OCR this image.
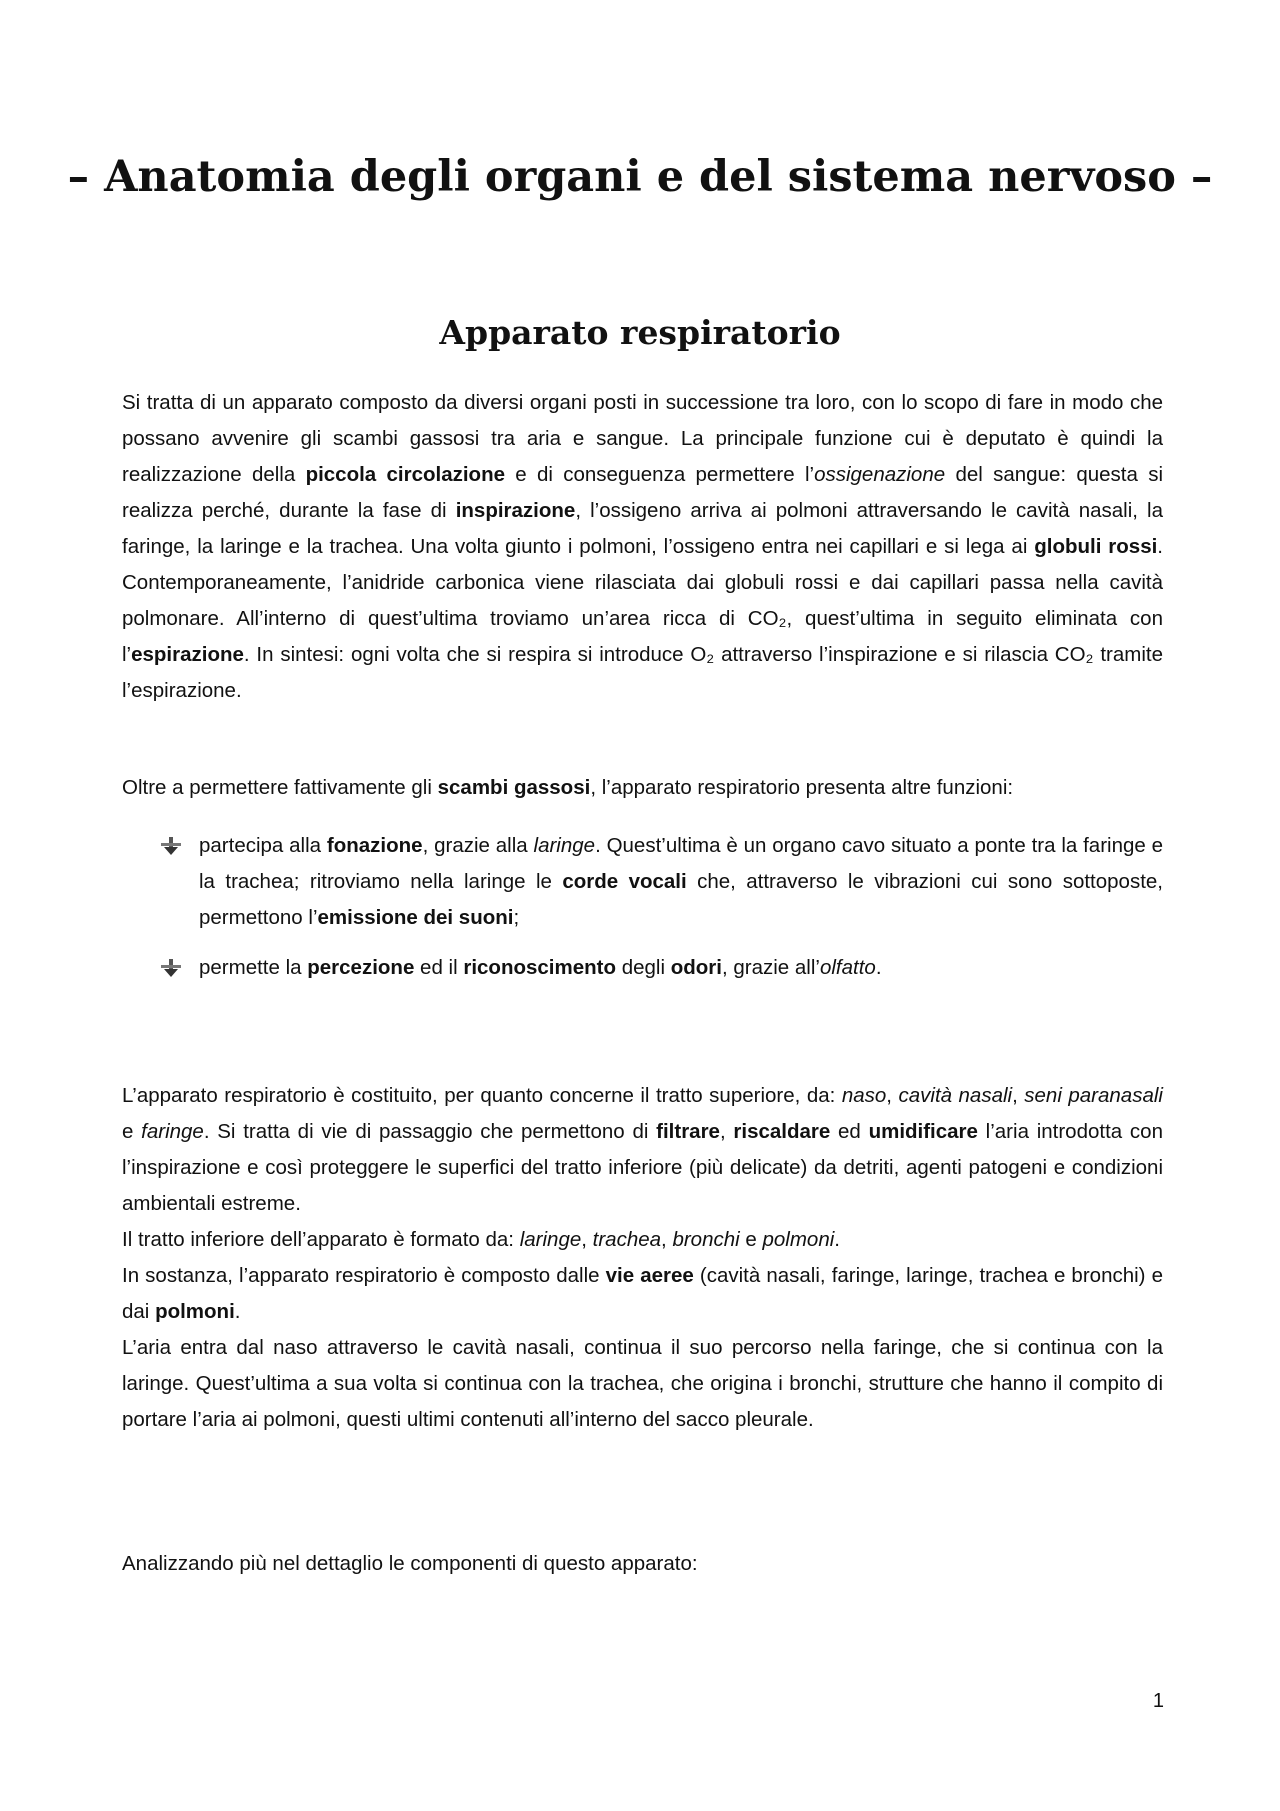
– Anatomia degli organi e del sistema nervoso –
Apparato respiratorio

Si tratta di un apparato composto da diversi organi posti in successione tra loro, con lo scopo di fare in modo che possano avvenire gli scambi gassosi tra aria e sangue. La principale funzione cui è deputato è quindi la realizzazione della piccola circolazione e di conseguenza permettere l’ossigenazione del sangue: questa si realizza perché, durante la fase di inspirazione, l’ossigeno arriva ai polmoni attraversando le cavità nasali, la faringe, la laringe e la trachea. Una volta giunto i polmoni, l’ossigeno entra nei capillari e si lega ai globuli rossi. Contemporaneamente, l’anidride carbonica viene rilasciata dai globuli rossi e dai capillari passa nella cavità polmonare. All’interno di quest’ultima troviamo un’area ricca di CO₂, quest’ultima in seguito eliminata con l’espirazione. In sintesi: ogni volta che si respira si introduce O₂ attraverso l’inspirazione e si rilascia CO₂ tramite l’espirazione.

Oltre a permettere fattivamente gli scambi gassosi, l’apparato respiratorio presenta altre funzioni:

partecipa alla fonazione, grazie alla laringe. Quest’ultima è un organo cavo situato a ponte tra la faringe e la trachea; ritroviamo nella laringe le corde vocali che, attraverso le vibrazioni cui sono sottoposte, permettono l’emissione dei suoni;
permette la percezione ed il riconoscimento degli odori, grazie all’olfatto.
L’apparato respiratorio è costituito, per quanto concerne il tratto superiore, da: naso, cavità nasali, seni paranasali e faringe. Si tratta di vie di passaggio che permettono di filtrare, riscaldare ed umidificare l’aria introdotta con l’inspirazione e così proteggere le superfici del tratto inferiore (più delicate) da detriti, agenti patogeni e condizioni ambientali estreme.
Il tratto inferiore dell’apparato è formato da: laringe, trachea, bronchi e polmoni.
In sostanza, l’apparato respiratorio è composto dalle vie aeree (cavità nasali, faringe, laringe, trachea e bronchi) e dai polmoni.
L’aria entra dal naso attraverso le cavità nasali, continua il suo percorso nella faringe, che si continua con la laringe. Quest’ultima a sua volta si continua con la trachea, che origina i bronchi, strutture che hanno il compito di portare l’aria ai polmoni, questi ultimi contenuti all’interno del sacco pleurale.

Analizzando più nel dettaglio le componenti di questo apparato:

1
